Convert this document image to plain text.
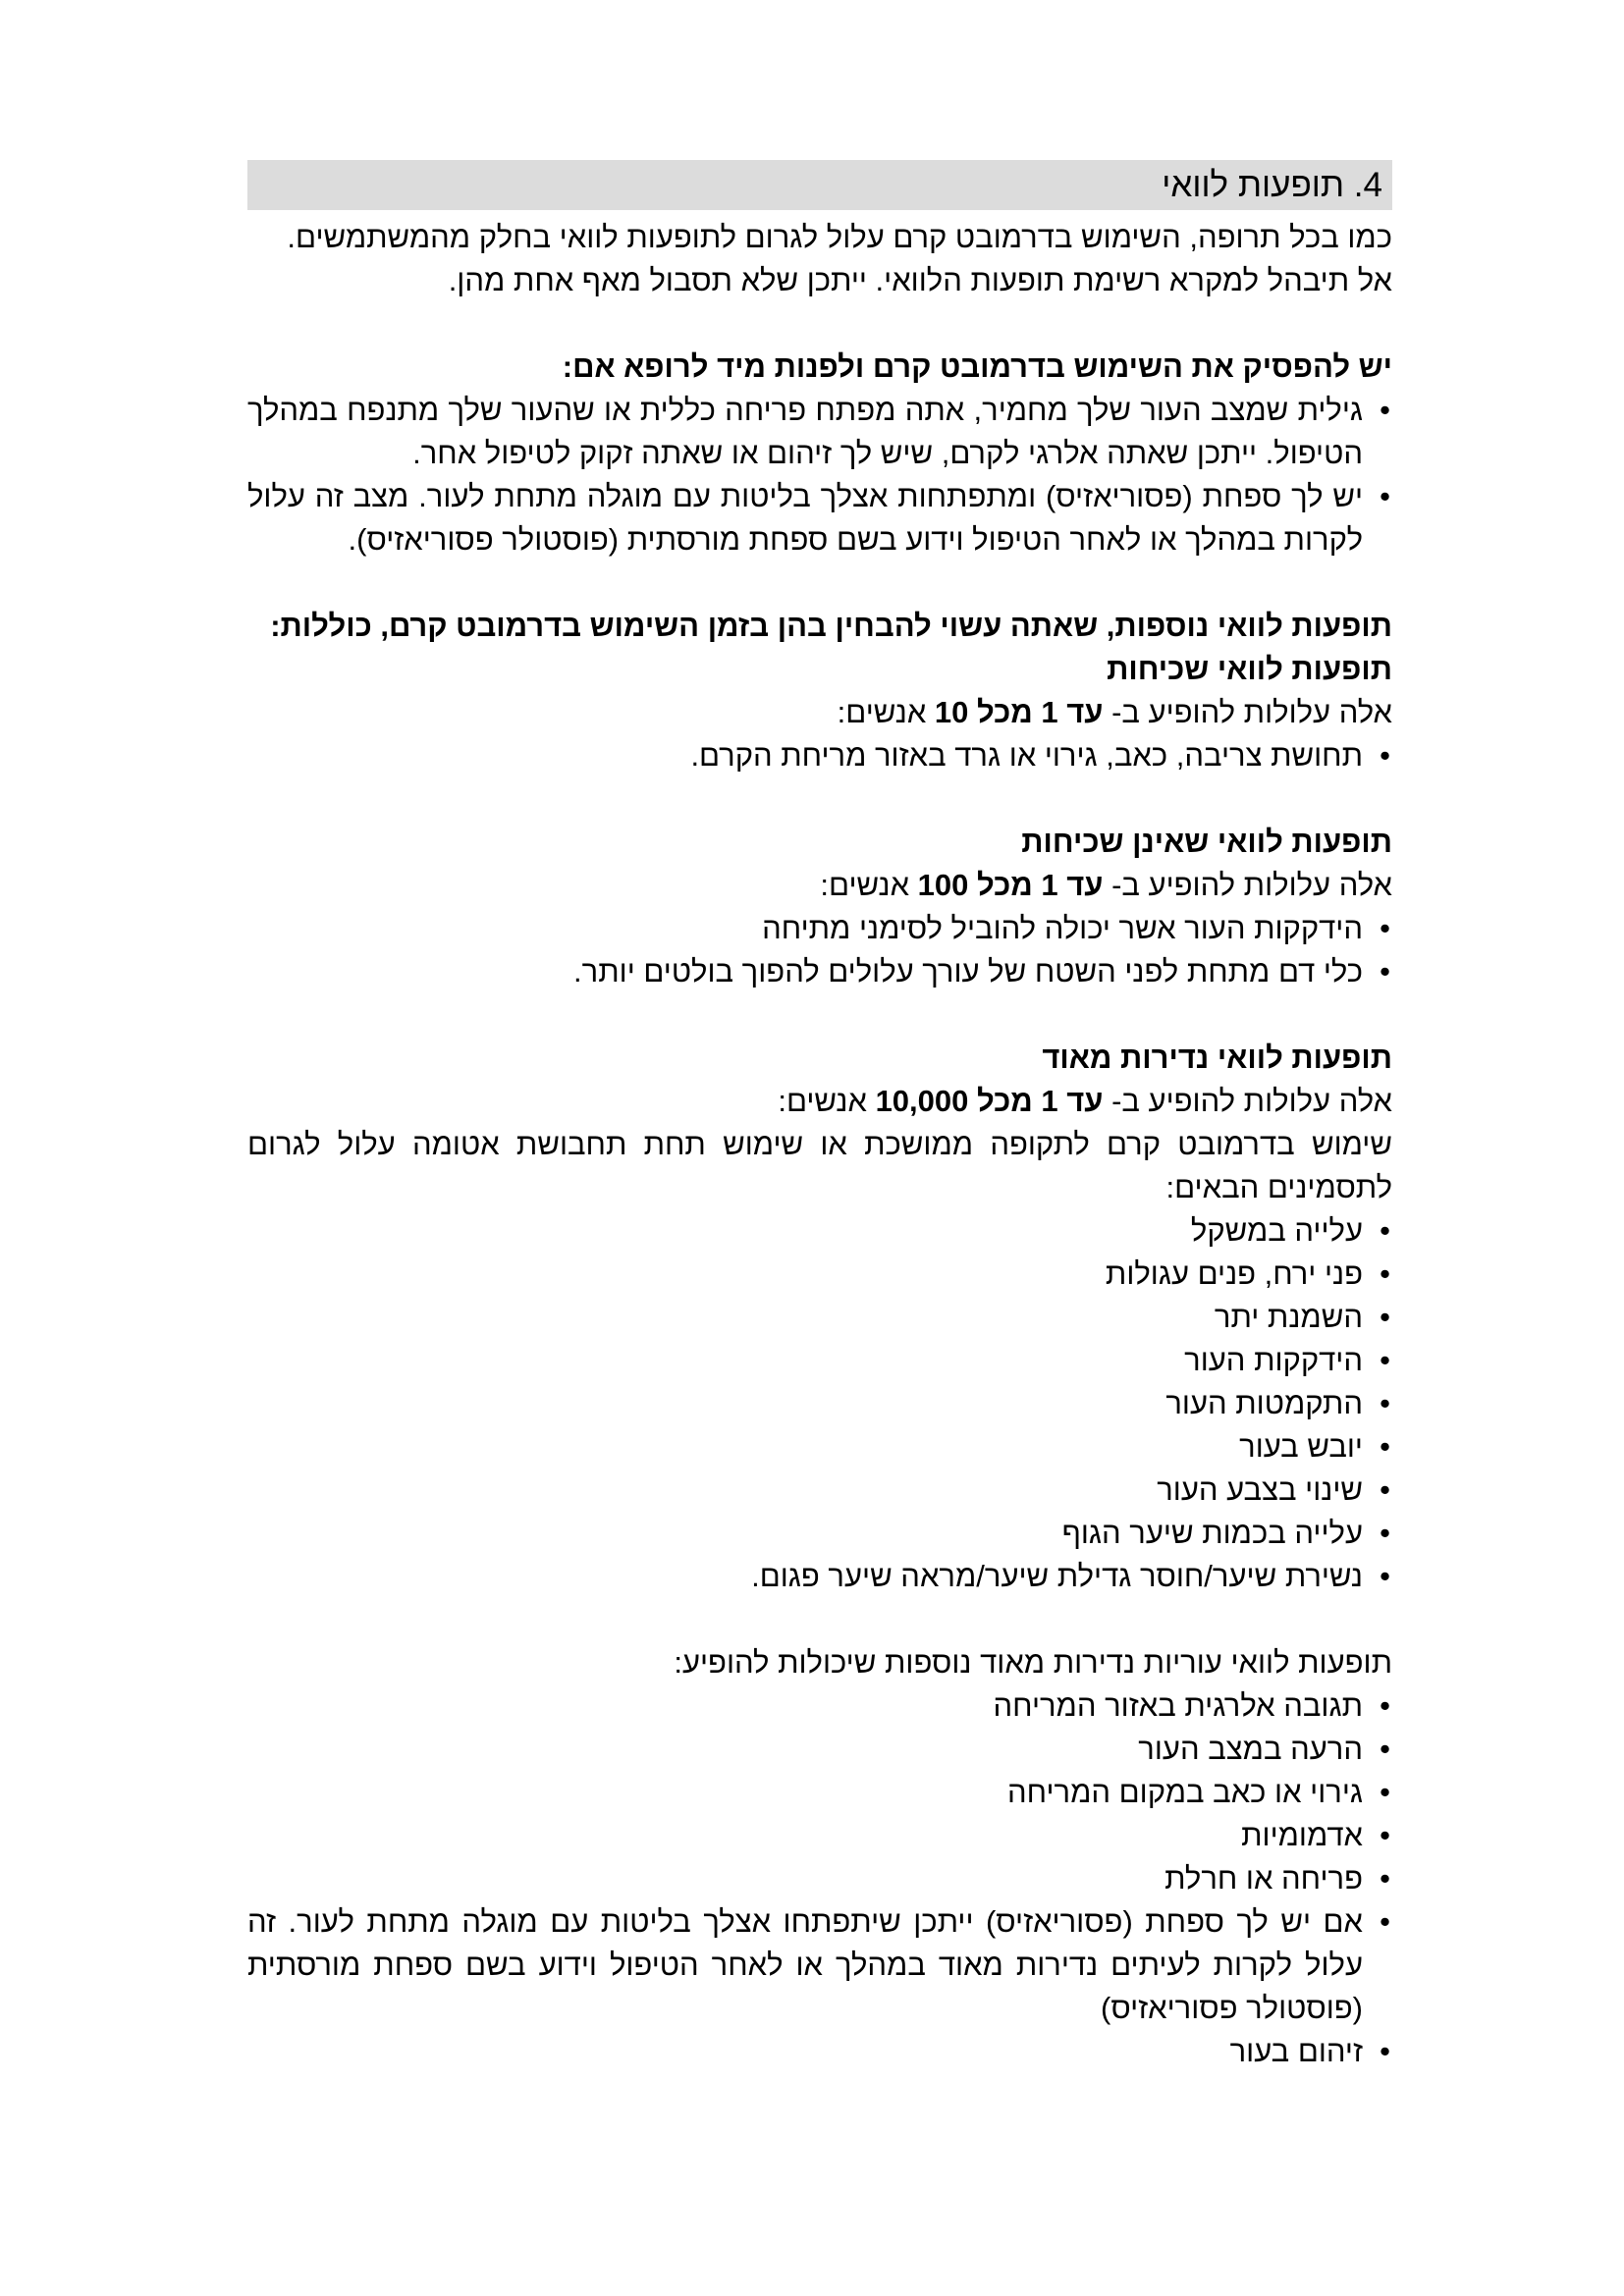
4. תופעות לוואי

כמו בכל תרופה, השימוש בדרמובט קרם עלול לגרום לתופעות לוואי בחלק מהמשתמשים.

אל תיבהל למקרא רשימת תופעות הלוואי. ייתכן שלא תסבול מאף אחת מהן.

יש להפסיק את השימוש בדרמובט קרם ולפנות מיד לרופא אם:

• גילית שמצב העור שלך מחמיר, אתה מפתח פריחה כללית או שהעור שלך מתנפח במהלך הטיפול. ייתכן שאתה אלרגי לקרם, שיש לך זיהום או שאתה זקוק לטיפול אחר.
• יש לך ספחת (פסוריאזיס) ומתפתחות אצלך בליטות עם מוגלה מתחת לעור. מצב זה עלול לקרות במהלך או לאחר הטיפול וידוע בשם ספחת מורסתית (פוסטולר פסוריאזיס).

תופעות לוואי נוספות, שאתה עשוי להבחין בהן בזמן השימוש בדרמובט קרם, כוללות:

תופעות לוואי שכיחות

אלה עלולות להופיע ב- עד 1 מכל 10 אנשים:

• תחושת צריבה, כאב, גירוי או גרד באזור מריחת הקרם.

תופעות לוואי שאינן שכיחות

אלה עלולות להופיע ב- עד 1 מכל 100 אנשים:

• הידקקות העור אשר יכולה להוביל לסימני מתיחה
• כלי דם מתחת לפני השטח של עורך עלולים להפוך בולטים יותר.

תופעות לוואי נדירות מאוד

אלה עלולות להופיע ב- עד 1 מכל 10,000 אנשים:

שימוש בדרמובט קרם לתקופה ממושכת או שימוש תחת תחבושת אטומה עלול לגרום לתסמינים הבאים:

• עלייה במשקל
• פני ירח, פנים עגולות
• השמנת יתר
• הידקקות העור
• התקמטות העור
• יובש בעור
• שינוי בצבע העור
• עלייה בכמות שיער הגוף
• נשירת שיער/חוסר גדילת שיער/מראה שיער פגום.

תופעות לוואי עוריות נדירות מאוד נוספות שיכולות להופיע:

• תגובה אלרגית באזור המריחה
• הרעה במצב העור
• גירוי או כאב במקום המריחה
• אדמומיות
• פריחה או חרלת
• אם יש לך ספחת (פסוריאזיס) ייתכן שיתפתחו אצלך בליטות עם מוגלה מתחת לעור. זה עלול לקרות לעיתים נדירות מאוד במהלך או לאחר הטיפול וידוע בשם ספחת מורסתית (פוסטולר פסוריאזיס)
• זיהום בעור
